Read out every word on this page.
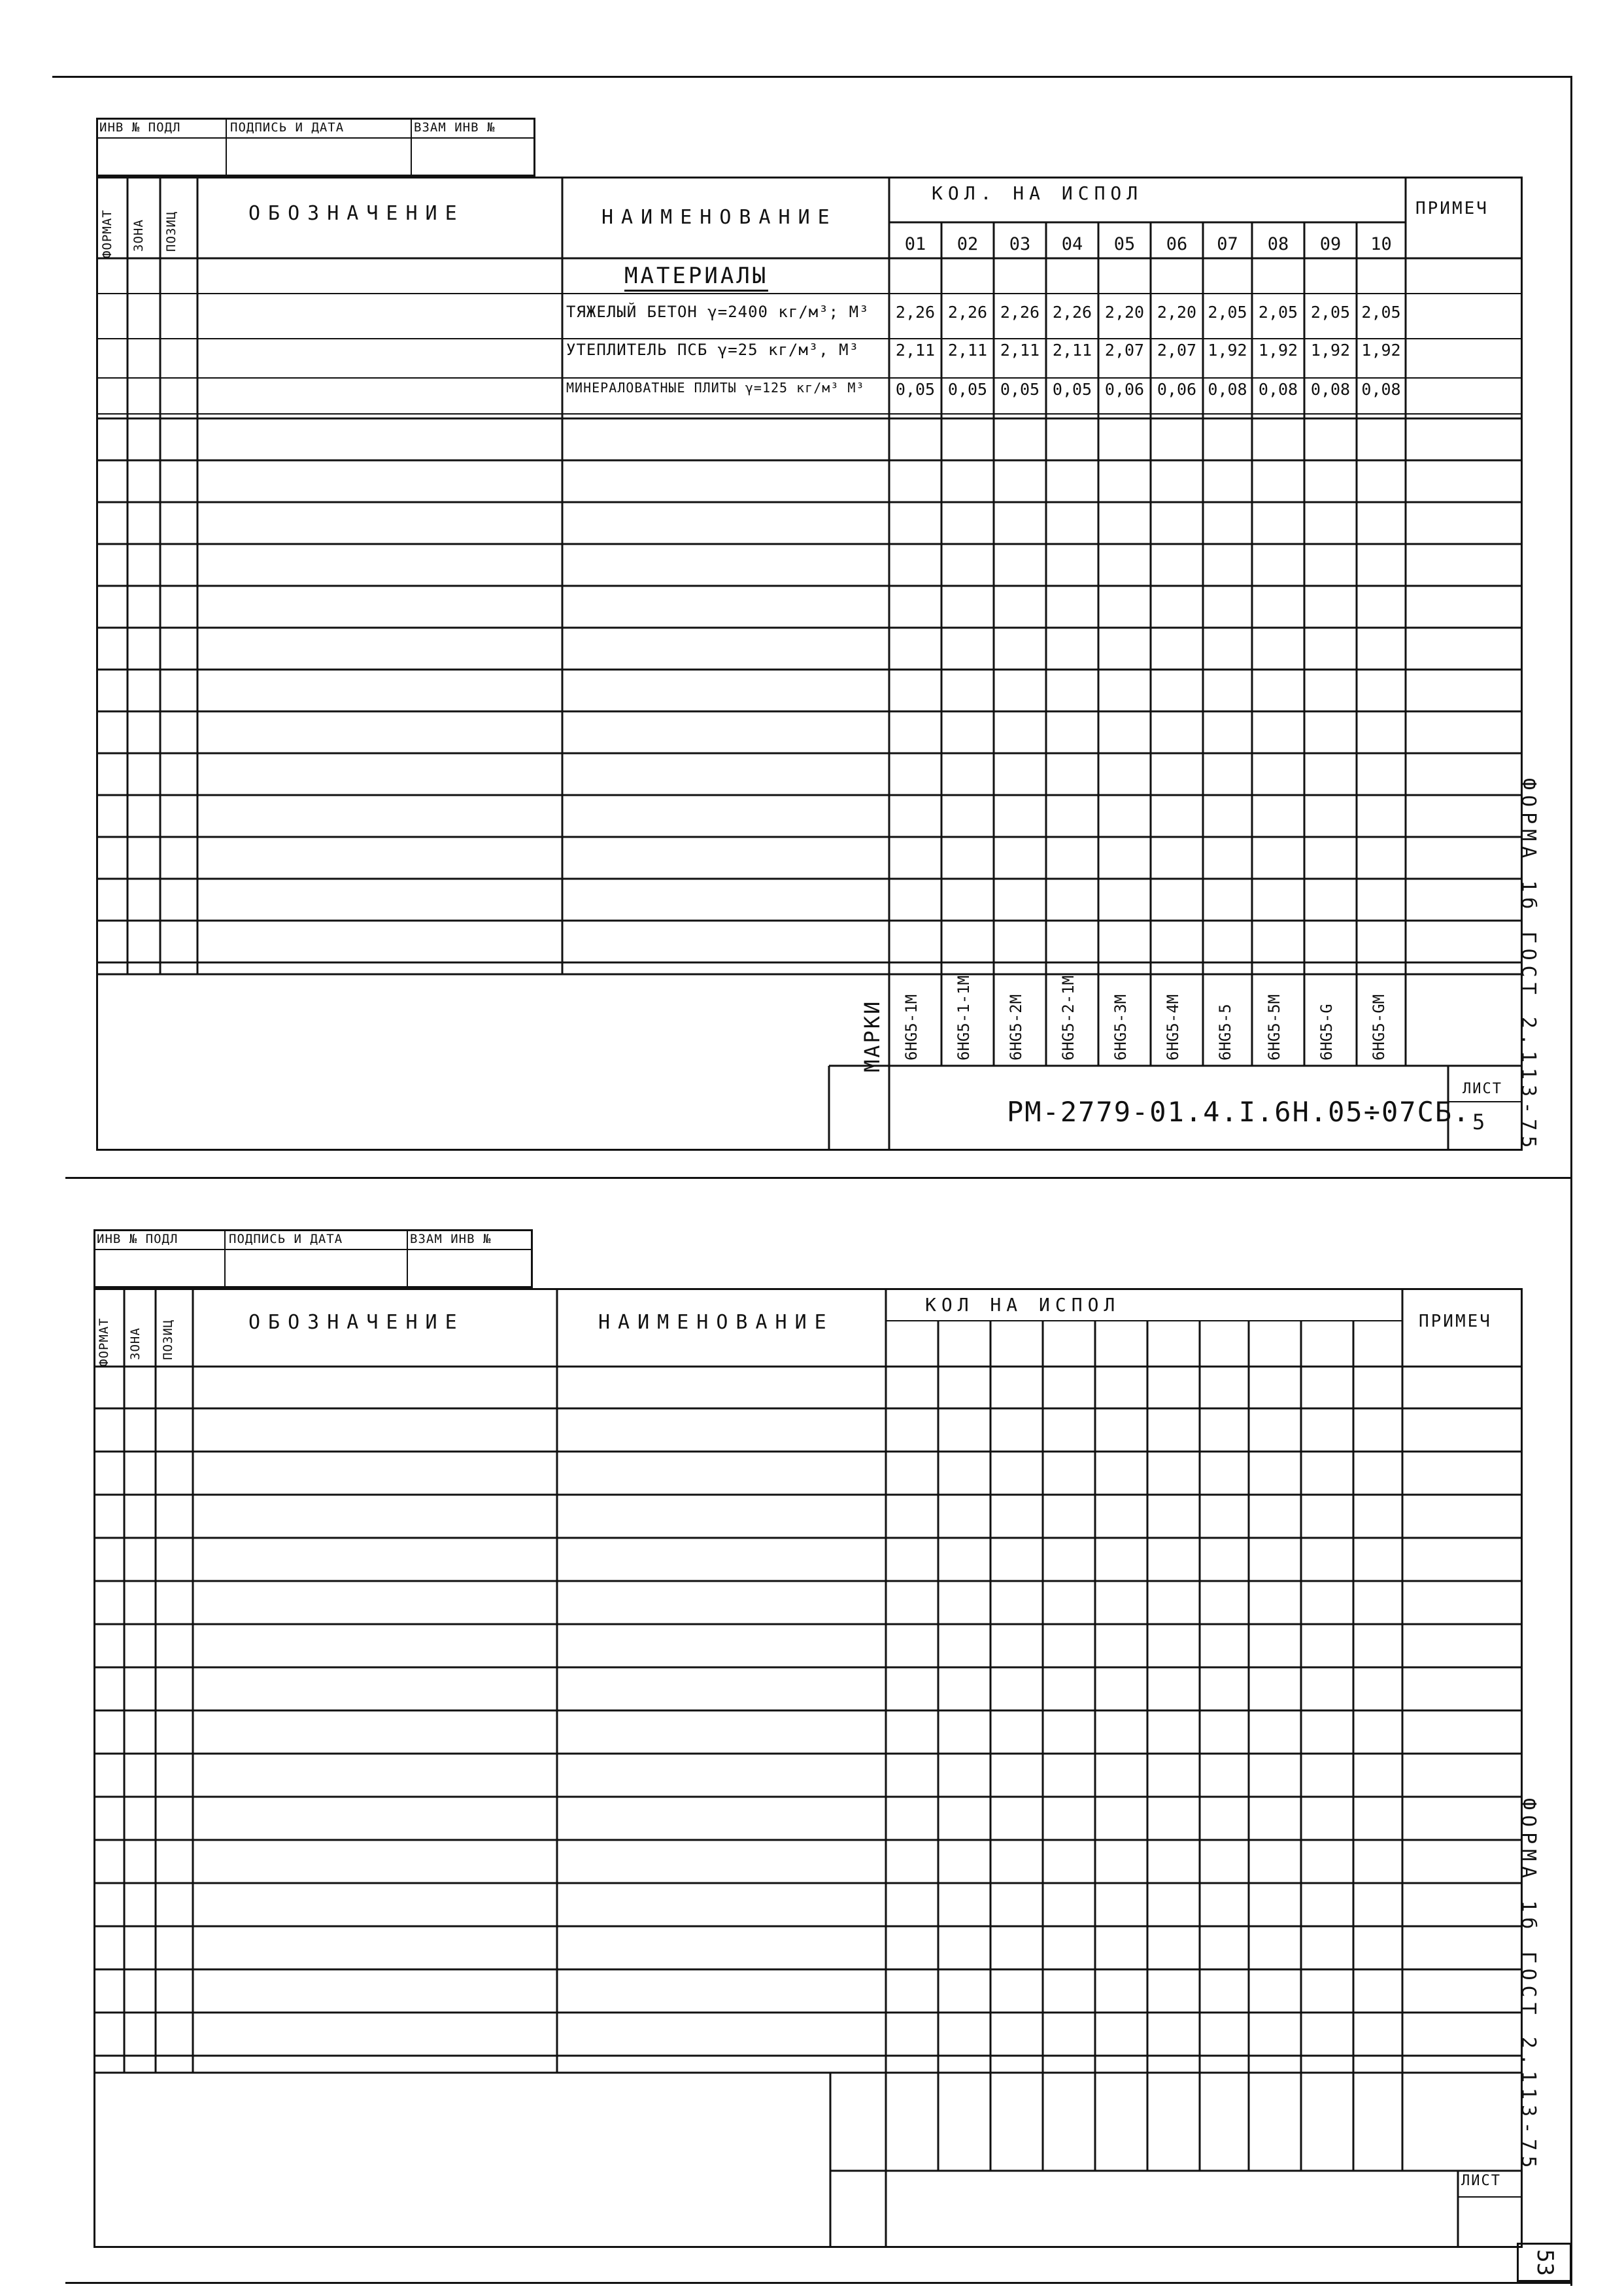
ИНВ № ПОДЛ	ПОДПИСЬ И ДАТА	ВЗАМ ИНВ №
ФОРМАТ ЗОНА ПОЗИЦ	ОБОЗНАЧЕНИЕ	НАИМЕНОВАНИЕ
КОЛ. НА ИСПОЛ
ПРИМЕЧ
01	02	03	04	05	06	07	08	09	10
МАТЕРИАЛЫ
ТЯЖЕЛЫЙ БЕТОН γ=2400 кг/м³; М³	2,26 2,26 2,26 2,26 2,20 2,20 2,05 2,05 2,05 2,05
УТЕПЛИТЕЛЬ ПСБ γ=25 кг/м³, М³	2,11 2,11 2,11 2,11 2,07 2,07 1,92 1,92 1,92 1,92
МИНЕРАЛОВАТНЫЕ ПЛИТЫ γ=125 кг/м³ М³	0,05 0,05 0,05 0,05 0,06 0,06 0,08 0,08 0,08 0,08
МАРКИ 6НG5-1М 6НG5-1-1М 6НG5-2М 6НG5-2-1М 6НG5-3М 6НG5-4М 6НG5-5 6НG5-5М 6НG5-G 6НG5-GМ
РМ-2779-01.4.I.6Н.05÷07СБ.
ЛИСТ
5 ФОРМА 1б ГОСТ 2.113-75
ИНВ № ПОДЛ	ПОДПИСЬ И ДАТА	ВЗАМ ИНВ №
ФОРМАТ ЗОНА ПОЗИЦ	ОБОЗНАЧЕНИЕ	НАИМЕНОВАНИЕ
КОЛ НА ИСПОЛ
ПРИМЕЧ
ЛИСТ
ФОРМА 1б ГОСТ 2.113-75
53
